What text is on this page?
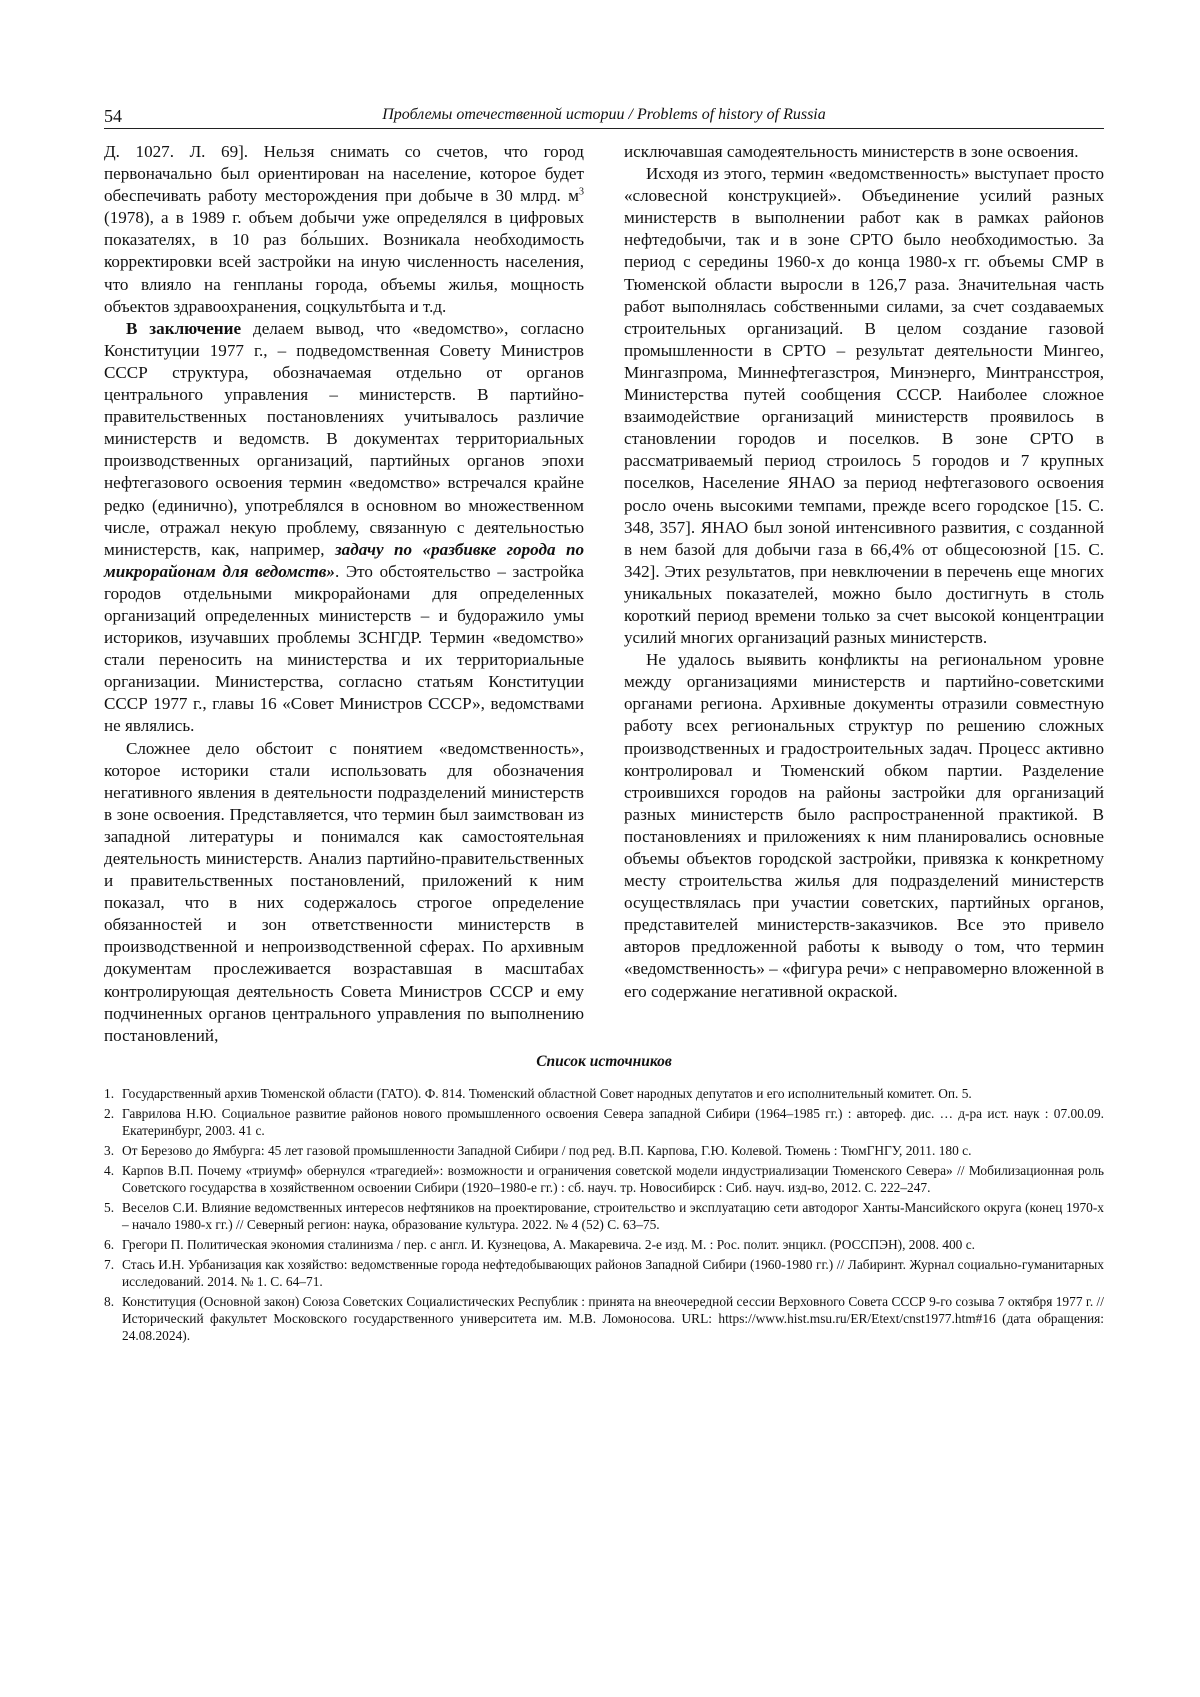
54	Проблемы отечественной истории / Problems of history of Russia

Д. 1027. Л. 69]. Нельзя снимать со счетов, что город первоначально был ориентирован на население, которое будет обеспечивать работу месторождения при добыче в 30 млрд. $м^3$ (1978), а в 1989 г. объем добычи уже определялся в цифровых показателях, в 10 раз бо́льших. Возникала необходимость корректировки всей застройки на иную численность населения, что влияло на генпланы города, объемы жилья, мощность объектов здравоохранения, соцкультбыта и т.д.

В заключение делаем вывод, что «ведомство», согласно Конституции 1977 г., – подведомственная Совету Министров СССР структура, обозначаемая отдельно от органов центрального управления – министерств. В партийно-правительственных постановлениях учитывалось различие министерств и ведомств. В документах территориальных производственных организаций, партийных органов эпохи нефтегазового освоения термин «ведомство» встречался крайне редко (единично), употреблялся в основном во множественном числе, отражал некую проблему, связанную с деятельностью министерств, как, например, задачу по «разбивке города по микрорайонам для ведомств». Это обстоятельство – застройка городов отдельными микрорайонами для определенных организаций определенных министерств – и будоражило умы историков, изучавших проблемы ЗСНГДР. Термин «ведомство» стали переносить на министерства и их территориальные организации. Министерства, согласно статьям Конституции СССР 1977 г., главы 16 «Совет Министров СССР», ведомствами не являлись.

Сложнее дело обстоит с понятием «ведомственность», которое историки стали использовать для обозначения негативного явления в деятельности подразделений министерств в зоне освоения. Представляется, что термин был заимствован из западной литературы и понимался как самостоятельная деятельность министерств. Анализ партийно-правительственных и правительственных постановлений, приложений к ним показал, что в них содержалось строгое определение обязанностей и зон ответственности министерств в производственной и непроизводственной сферах. По архивным документам прослеживается возраставшая в масштабах контролирующая деятельность Совета Министров СССР и ему подчиненных органов центрального управления по выполнению постановлений,

исключавшая самодеятельность министерств в зоне освоения.

Исходя из этого, термин «ведомственность» выступает просто «словесной конструкцией». Объединение усилий разных министерств в выполнении работ как в рамках районов нефтедобычи, так и в зоне СРТО было необходимостью. За период с середины 1960-х до конца 1980-х гг. объемы СМР в Тюменской области выросли в 126,7 раза. Значительная часть работ выполнялась собственными силами, за счет создаваемых строительных организаций. В целом создание газовой промышленности в СРТО – результат деятельности Мингео, Мингазпрома, Миннефтегазстроя, Минэнерго, Минтрансстроя, Министерства путей сообщения СССР. Наиболее сложное взаимодействие организаций министерств проявилось в становлении городов и поселков. В зоне СРТО в рассматриваемый период строилось 5 городов и 7 крупных поселков, Население ЯНАО за период нефтегазового освоения росло очень высокими темпами, прежде всего городское [15. С. 348, 357]. ЯНАО был зоной интенсивного развития, с созданной в нем базой для добычи газа в 66,4% от общесоюзной [15. С. 342]. Этих результатов, при невключении в перечень еще многих уникальных показателей, можно было достигнуть в столь короткий период времени только за счет высокой концентрации усилий многих организаций разных министерств.

Не удалось выявить конфликты на региональном уровне между организациями министерств и партийно-советскими органами региона. Архивные документы отразили совместную работу всех региональных структур по решению сложных производственных и градостроительных задач. Процесс активно контролировал и Тюменский обком партии. Разделение строившихся городов на районы застройки для организаций разных министерств было распространенной практикой. В постановлениях и приложениях к ним планировались основные объемы объектов городской застройки, привязка к конкретному месту строительства жилья для подразделений министерств осуществлялась при участии советских, партийных органов, представителей министерств-заказчиков. Все это привело авторов предложенной работы к выводу о том, что термин «ведомственность» – «фигура речи» с неправомерно вложенной в его содержание негативной окраской.

Список источников
1. Государственный архив Тюменской области (ГАТО). Ф. 814. Тюменский областной Совет народных депутатов и его исполнительный комитет. Оп. 5.
2. Гаврилова Н.Ю. Социальное развитие районов нового промышленного освоения Севера западной Сибири (1964–1985 гг.) : автореф. дис. … д-ра ист. наук : 07.00.09. Екатеринбург, 2003. 41 с.
3. От Березово до Ямбурга: 45 лет газовой промышленности Западной Сибири / под ред. В.П. Карпова, Г.Ю. Колевой. Тюмень : ТюмГНГУ, 2011. 180 с.
4. Карпов В.П. Почему «триумф» обернулся «трагедией»: возможности и ограничения советской модели индустриализации Тюменского Севера» // Мобилизационная роль Советского государства в хозяйственном освоении Сибири (1920–1980-е гг.) : сб. науч. тр. Новосибирск : Сиб. науч. изд-во, 2012. С. 222–247.
5. Веселов С.И. Влияние ведомственных интересов нефтяников на проектирование, строительство и эксплуатацию сети автодорог Ханты-Мансийского округа (конец 1970-х – начало 1980-х гг.) // Северный регион: наука, образование культура. 2022. № 4 (52) С. 63–75.
6. Грегори П. Политическая экономия сталинизма / пер. с англ. И. Кузнецова, А. Макаревича. 2-е изд. М. : Рос. полит. энцикл. (РОССПЭН), 2008. 400 с.
7. Стась И.Н. Урбанизация как хозяйство: ведомственные города нефтедобывающих районов Западной Сибири (1960-1980 гг.) // Лабиринт. Журнал социально-гуманитарных исследований. 2014. № 1. С. 64–71.
8. Конституция (Основной закон) Союза Советских Социалистических Республик : принята на внеочередной сессии Верховного Совета СССР 9-го созыва 7 октября 1977 г. // Исторический факультет Московского государственного университета им. М.В. Ломоносова. URL: https://www.hist.msu.ru/ER/Etext/cnst1977.htm#16 (дата обращения: 24.08.2024).
